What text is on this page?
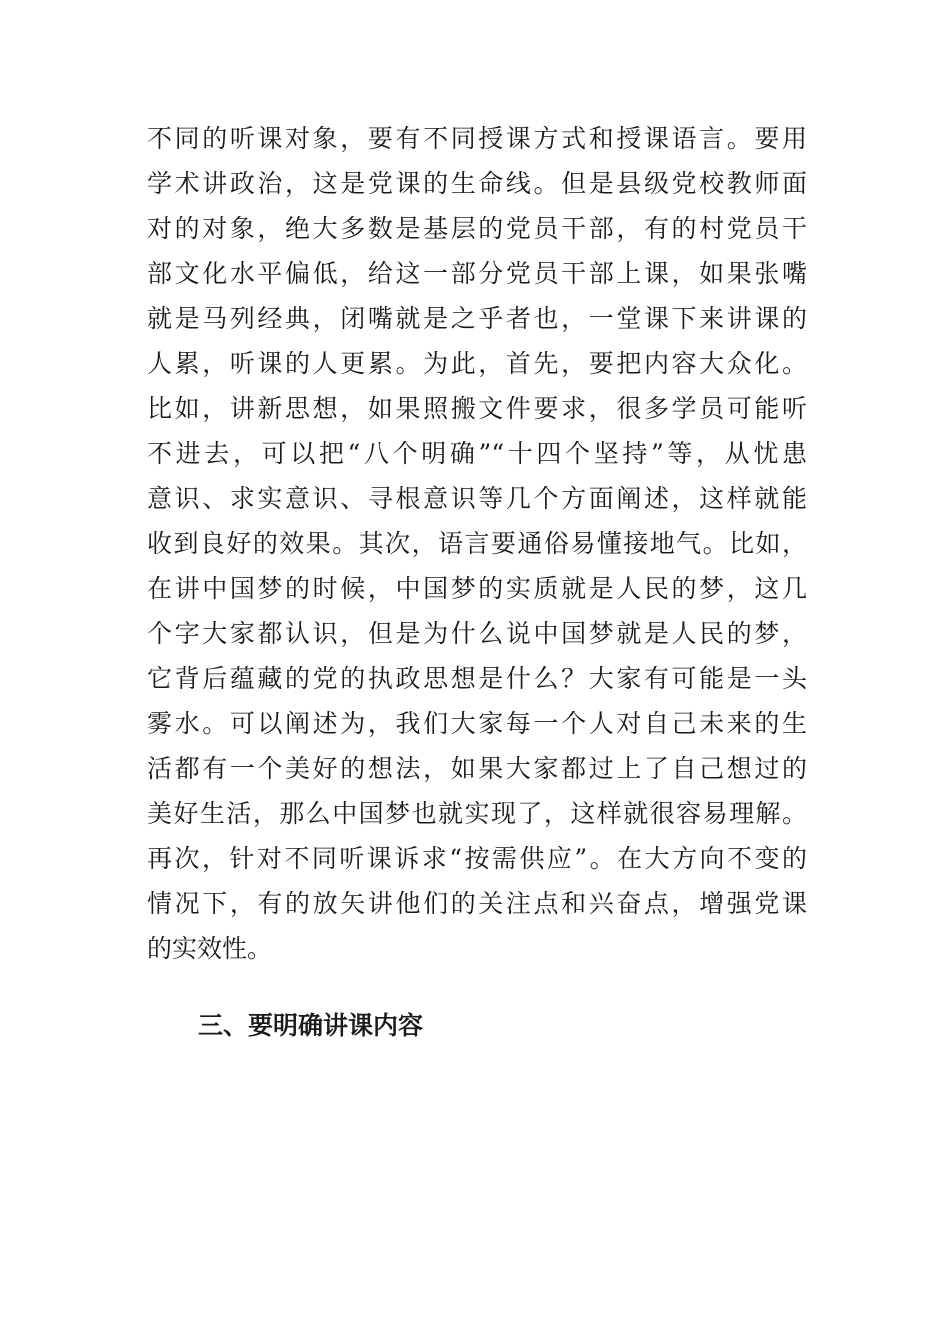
不同的听课对象，要有不同授课方式和授课语言。要用
学术讲政治，这是党课的生命线。但是县级党校教师面
对的对象，绝大多数是基层的党员干部，有的村党员干
部文化水平偏低，给这一部分党员干部上课，如果张嘴
就是马列经典，闭嘴就是之乎者也，一堂课下来讲课的
人累，听课的人更累。为此，首先，要把内容大众化。
比如，讲新思想，如果照搬文件要求，很多学员可能听
不进去，可以把“八个明确”“十四个坚持”等，从忧患
意识、求实意识、寻根意识等几个方面阐述，这样就能
收到良好的效果。其次，语言要通俗易懂接地气。比如，
在讲中国梦的时候，中国梦的实质就是人民的梦，这几
个字大家都认识，但是为什么说中国梦就是人民的梦，
它背后蕴藏的党的执政思想是什么？大家有可能是一头
雾水。可以阐述为，我们大家每一个人对自己未来的生
活都有一个美好的想法，如果大家都过上了自己想过的
美好生活，那么中国梦也就实现了，这样就很容易理解。
再次，针对不同听课诉求“按需供应”。在大方向不变的
情况下，有的放矢讲他们的关注点和兴奋点，增强党课
的实效性。
三、要明确讲课内容
